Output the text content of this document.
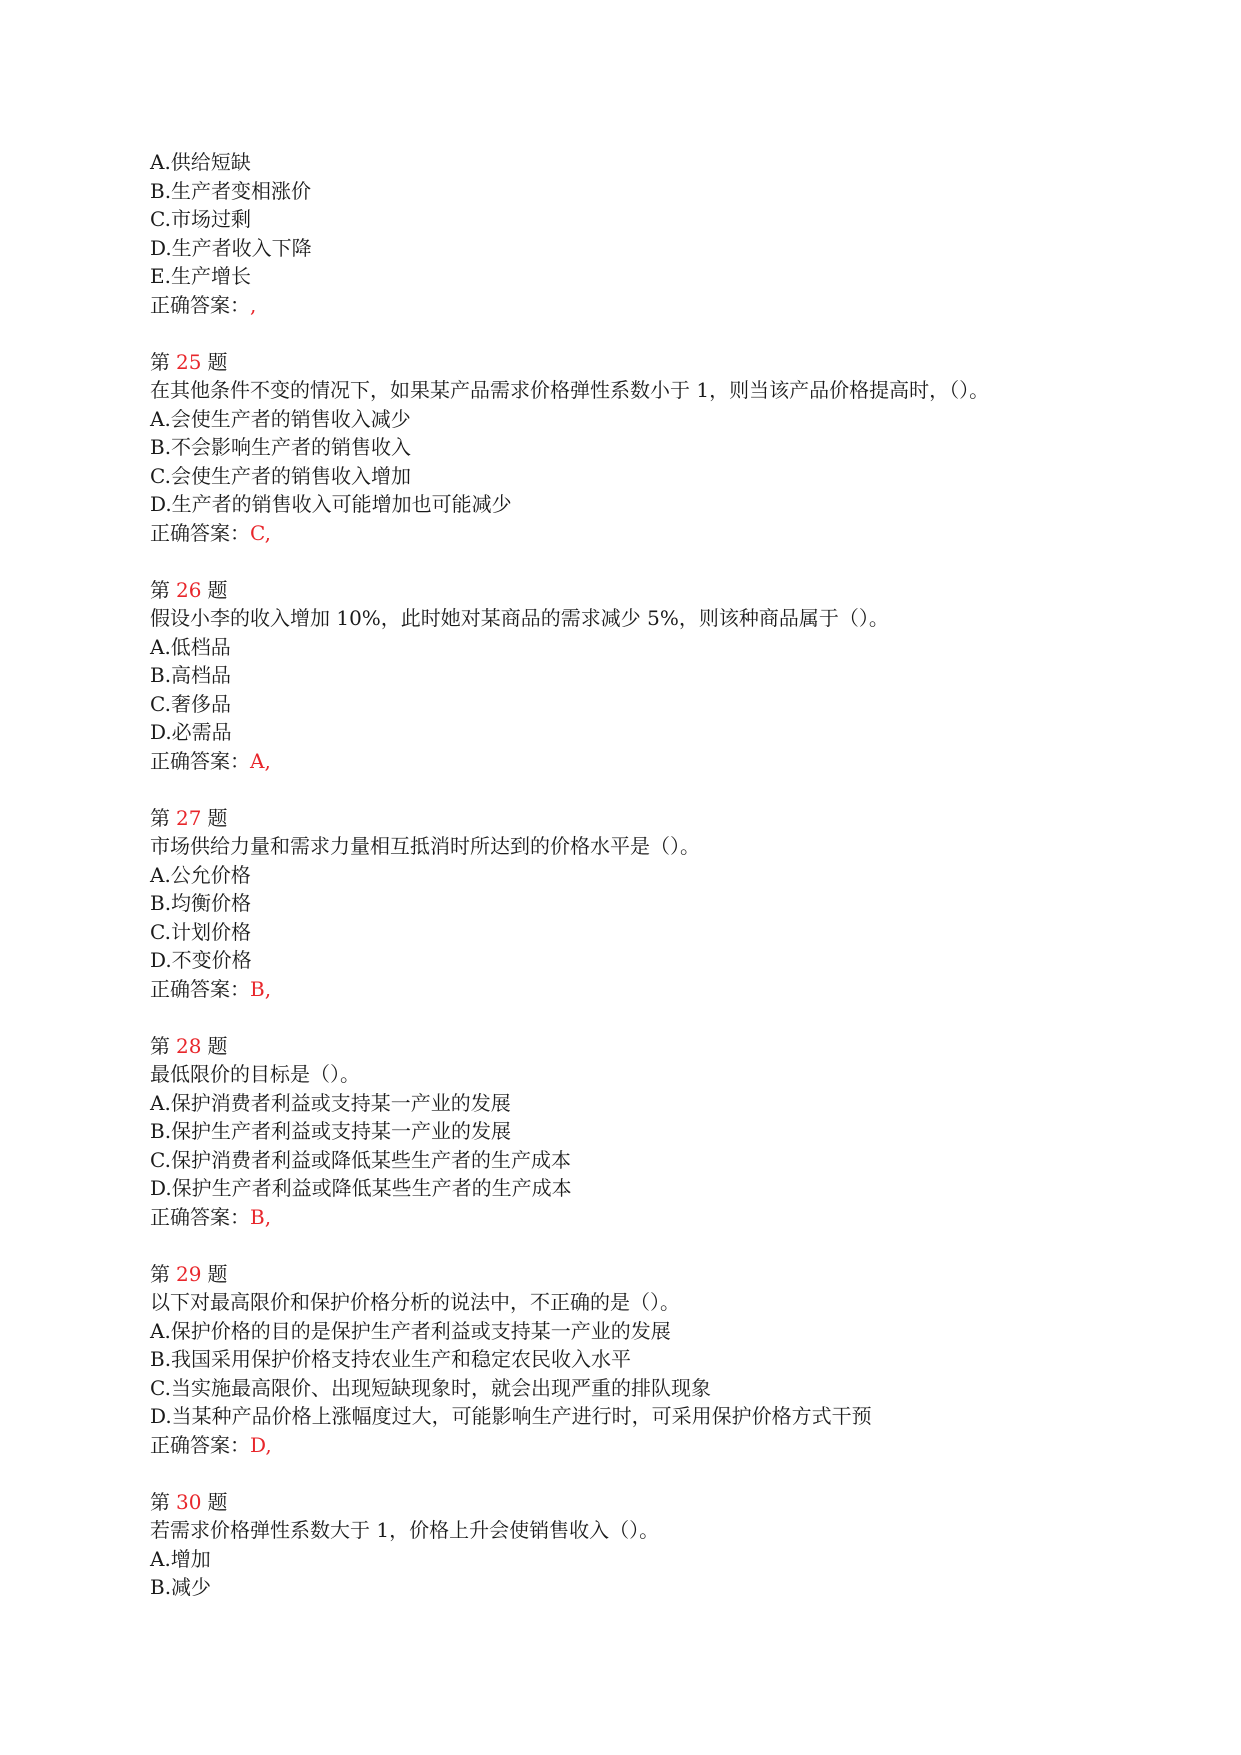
A.供给短缺
B.生产者变相涨价
C.市场过剩
D.生产者收入下降
E.生产增长
正确答案：,
第 25 题
在其他条件不变的情况下，如果某产品需求价格弹性系数小于 1，则当该产品价格提高时，（）。
A.会使生产者的销售收入减少
B.不会影响生产者的销售收入
C.会使生产者的销售收入增加
D.生产者的销售收入可能增加也可能减少
正确答案：C,
第 26 题
假设小李的收入增加 10%，此时她对某商品的需求减少 5%，则该种商品属于（）。
A.低档品
B.高档品
C.奢侈品
D.必需品
正确答案：A,
第 27 题
市场供给力量和需求力量相互抵消时所达到的价格水平是（）。
A.公允价格
B.均衡价格
C.计划价格
D.不变价格
正确答案：B,
第 28 题
最低限价的目标是（）。
A.保护消费者利益或支持某一产业的发展
B.保护生产者利益或支持某一产业的发展
C.保护消费者利益或降低某些生产者的生产成本
D.保护生产者利益或降低某些生产者的生产成本
正确答案：B,
第 29 题
以下对最高限价和保护价格分析的说法中，不正确的是（）。
A.保护价格的目的是保护生产者利益或支持某一产业的发展
B.我国采用保护价格支持农业生产和稳定农民收入水平
C.当实施最高限价、出现短缺现象时，就会出现严重的排队现象
D.当某种产品价格上涨幅度过大，可能影响生产进行时，可采用保护价格方式干预
正确答案：D,
第 30 题
若需求价格弹性系数大于 1，价格上升会使销售收入（）。
A.增加
B.减少
